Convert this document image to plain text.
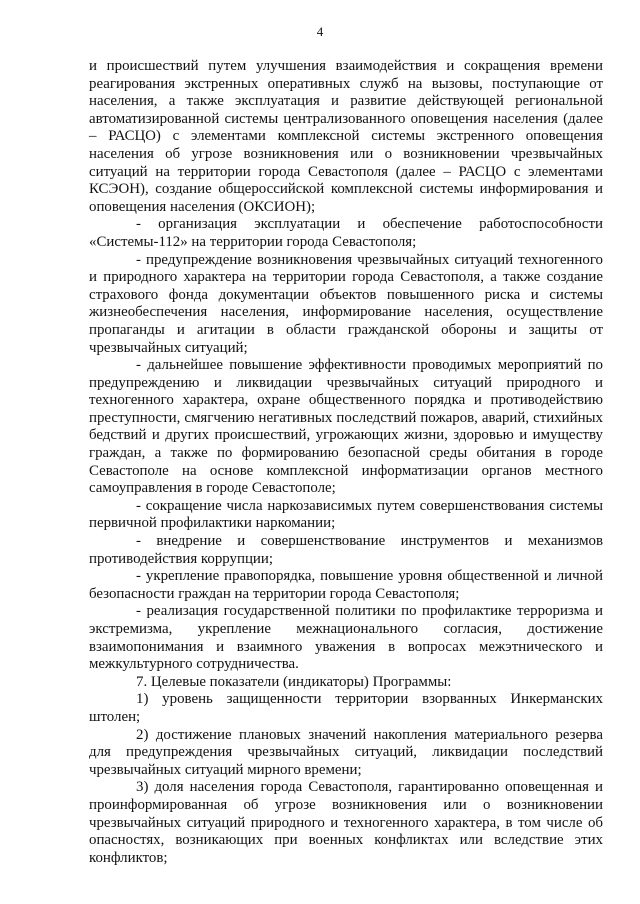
4

и происшествий путем улучшения взаимодействия и сокращения времени реагирования экстренных оперативных служб на вызовы, поступающие от населения, а также эксплуатация и развитие действующей региональной автоматизированной системы централизованного оповещения населения (далее – РАСЦО) с элементами комплексной системы экстренного оповещения населения об угрозе возникновения или о возникновении чрезвычайных ситуаций на территории города Севастополя (далее – РАСЦО с элементами КСЭОН), создание общероссийской комплексной системы информирования и оповещения населения (ОКСИОН);

- организация эксплуатации и обеспечение работоспособности «Системы-112» на территории города Севастополя;

- предупреждение возникновения чрезвычайных ситуаций техногенного и природного характера на территории города Севастополя, а также создание страхового фонда документации объектов повышенного риска и системы жизнеобеспечения населения, информирование населения, осуществление пропаганды и агитации в области гражданской обороны и защиты от чрезвычайных ситуаций;

- дальнейшее повышение эффективности проводимых мероприятий по предупреждению и ликвидации чрезвычайных ситуаций природного и техногенного характера, охране общественного порядка и противодействию преступности, смягчению негативных последствий пожаров, аварий, стихийных бедствий и других происшествий, угрожающих жизни, здоровью и имуществу граждан, а также по формированию безопасной среды обитания в городе Севастополе на основе комплексной информатизации органов местного самоуправления в городе Севастополе;

- сокращение числа наркозависимых путем совершенствования системы первичной профилактики наркомании;

- внедрение и совершенствование инструментов и механизмов противодействия коррупции;

- укрепление правопорядка, повышение уровня общественной и личной безопасности граждан на территории города Севастополя;

- реализация государственной политики по профилактике терроризма и экстремизма, укрепление межнационального согласия, достижение взаимопонимания и взаимного уважения в вопросах межэтнического и межкультурного сотрудничества.

7. Целевые показатели (индикаторы) Программы:

1) уровень защищенности территории взорванных Инкерманских штолен;

2) достижение плановых значений накопления материального резерва для предупреждения чрезвычайных ситуаций, ликвидации последствий чрезвычайных ситуаций мирного времени;

3) доля населения города Севастополя, гарантированно оповещенная и проинформированная об угрозе возникновения или о возникновении чрезвычайных ситуаций природного и техногенного характера, в том числе об опасностях, возникающих при военных конфликтах или вследствие этих конфликтов;
